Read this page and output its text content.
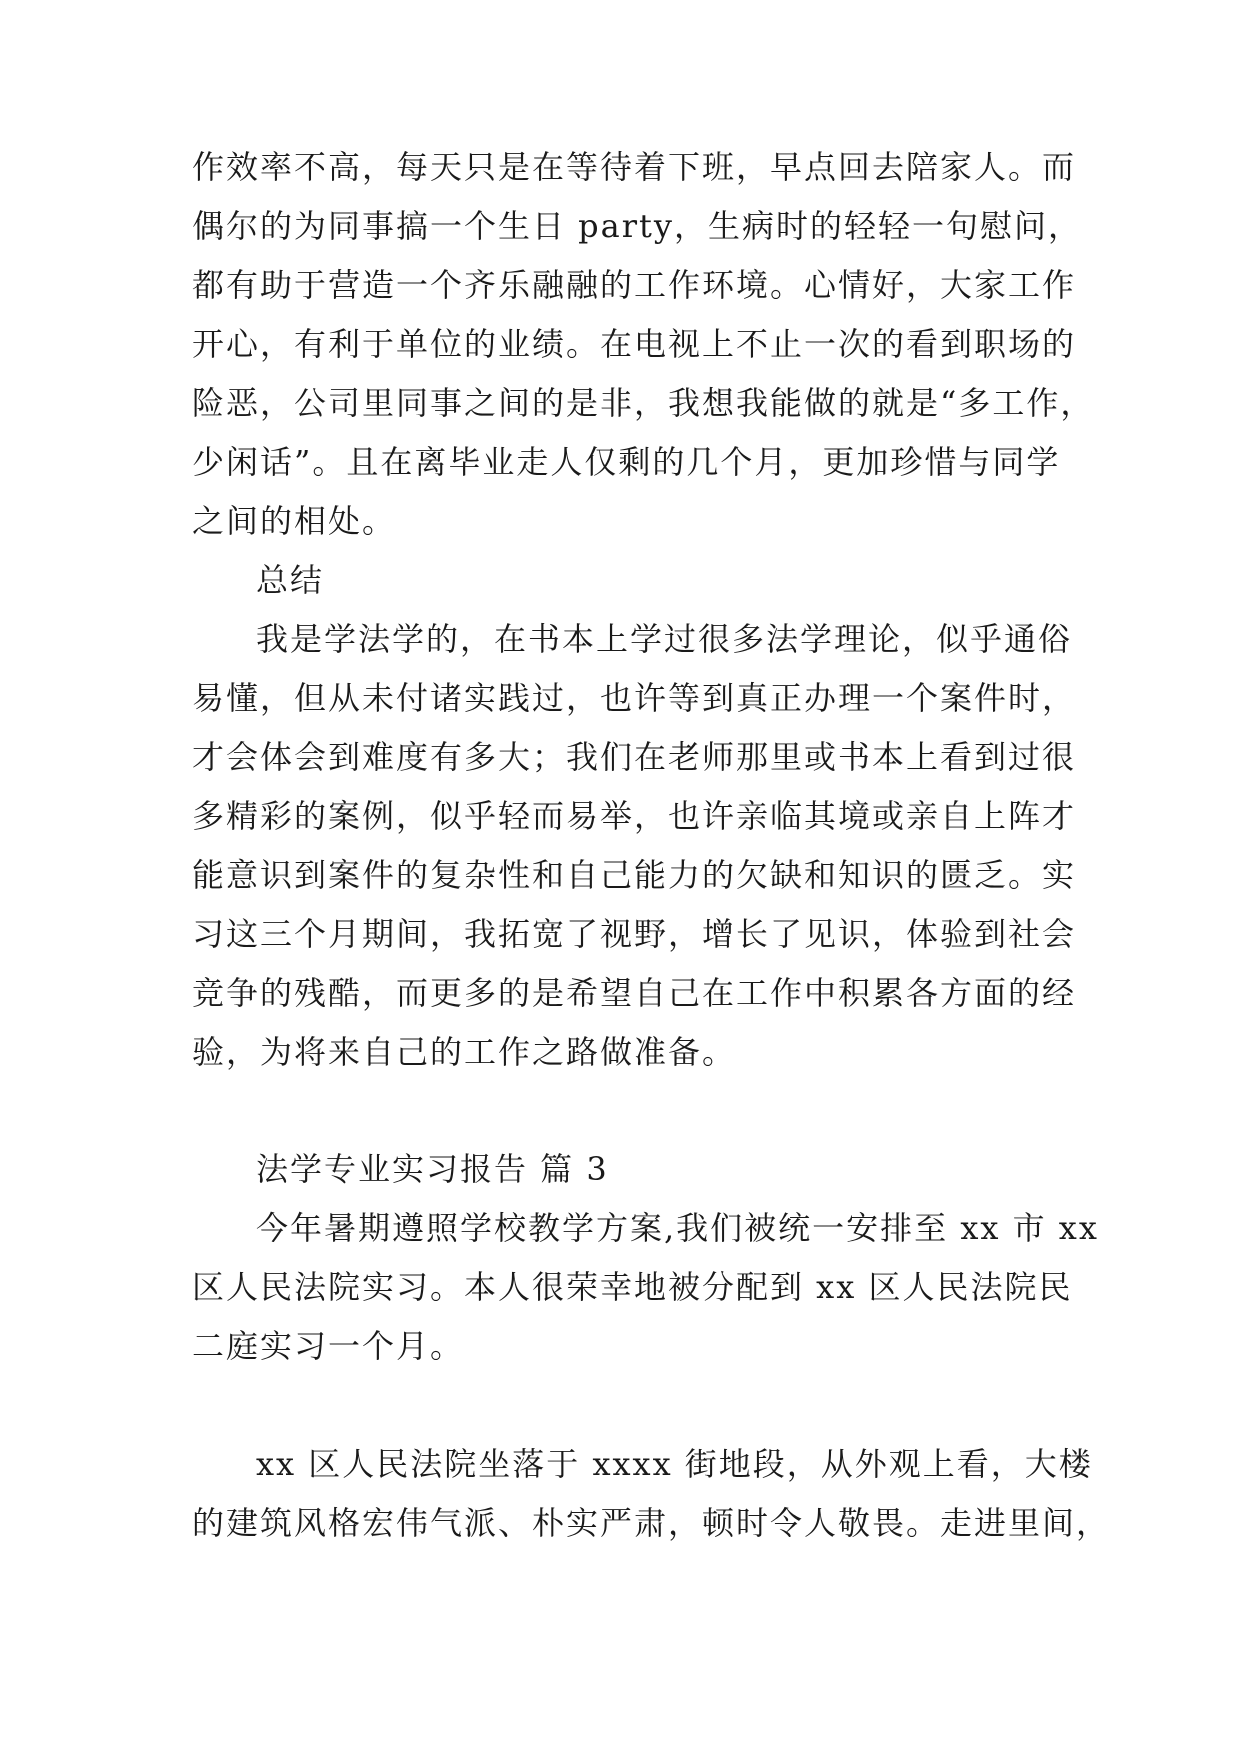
作效率不高，每天只是在等待着下班，早点回去陪家人。而
偶尔的为同事搞一个生日 party，生病时的轻轻一句慰问，
都有助于营造一个齐乐融融的工作环境。心情好，大家工作
开心，有利于单位的业绩。在电视上不止一次的看到职场的
险恶，公司里同事之间的是非，我想我能做的就是“多工作，
少闲话”。且在离毕业走人仅剩的几个月，更加珍惜与同学
之间的相处。
总结
我是学法学的，在书本上学过很多法学理论，似乎通俗
易懂，但从未付诸实践过，也许等到真正办理一个案件时，
才会体会到难度有多大；我们在老师那里或书本上看到过很
多精彩的案例，似乎轻而易举，也许亲临其境或亲自上阵才
能意识到案件的复杂性和自己能力的欠缺和知识的匮乏。实
习这三个月期间，我拓宽了视野，增长了见识，体验到社会
竞争的残酷，而更多的是希望自己在工作中积累各方面的经
验，为将来自己的工作之路做准备。
法学专业实习报告 篇 3
今年暑期遵照学校教学方案,我们被统一安排至 xx 市 xx
区人民法院实习。本人很荣幸地被分配到 xx 区人民法院民
二庭实习一个月。
xx 区人民法院坐落于 xxxx 街地段，从外观上看，大楼
的建筑风格宏伟气派、朴实严肃，顿时令人敬畏。走进里间，
